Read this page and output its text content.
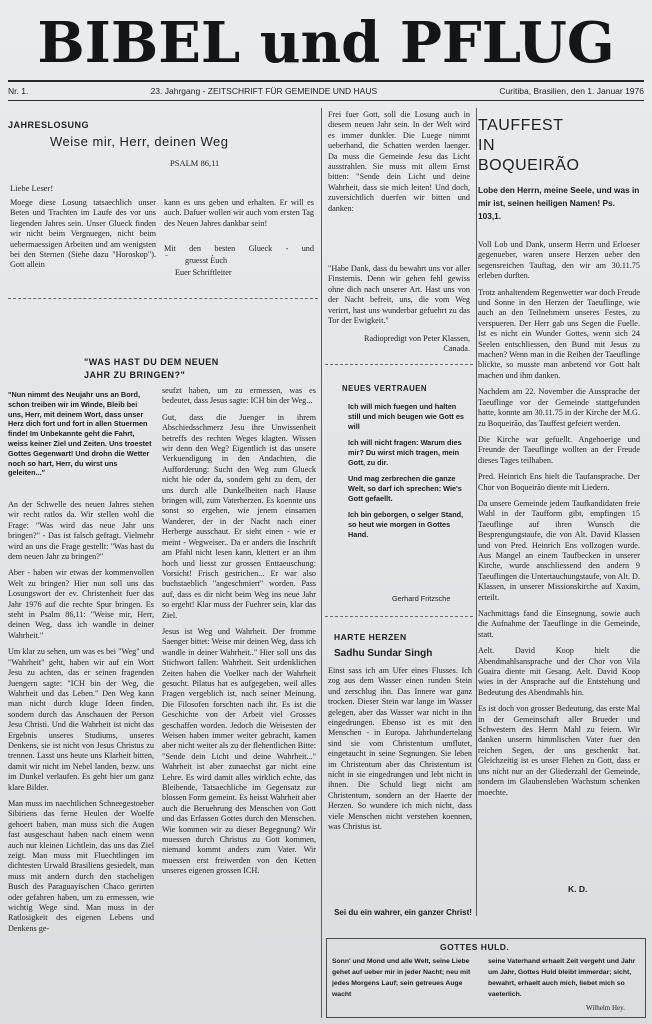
BIBEL und PFLUG
Nr. 1.	23. Jahrgang - ZEITSCHRIFT FÜR GEMEINDE UND HAUS	Curitiba, Brasilien, den 1. Januar 1976
JAHRESLOSUNG
Weise mir, Herr, deinen Weg
PSALM 86,11
Liebe Leser!
Moege diese Losung tatsaechlich unser Beten und Trachten im Laufe des vor uns liegenden Jahres sein. Unser Glueck finden wir nicht beim Vergnuegen, nicht beim uebermaessigen Arbeiten und am wenigsten bei den Sternen (Siehe dazu "Horoskop"). Gott allein
kann es uns geben und erhalten. Er will es auch. Dafuer wollen wir auch vom ersten Tag des Neuen Jahres dankbar sein!
Mit den besten Glueck - und
gruesst Euch
Euer Schriftleiter
Frei fuer Gott, soll die Losung auch in diesem neuen Jahr sein. In der Welt wird es immer dunkler. Die Luege nimmt ueberhand, die Schatten werden laenger. Da muss die Gemeinde Jesu das Licht ausstrahlen. Sie muss mit allem Ernst bitten: "Sende dein Licht und deine Wahrheit, dass sie mich leiten! Und doch, zuversichtlich duerfen wir bitten und danken:
"Habe Dank, dass du bewahrt uns vor aller Finsternis. Denn wir gehen fehl gewiss ohne dich nach unserer Art. Hast uns von der Nacht befreit, uns, die vom Weg verirrt, hast uns wunderbar gefuehrt zu das Tor der Ewigkeit."
Radiopredigt von Peter Klassen, Canada.
TAUFFEST
IN
BOQUEIRÃO
Lobe den Herrn, meine Seele, und was in mir ist, seinen heiligen Namen! Ps. 103,1.

Voll Lob und Dank, unserm Herrn und Erloeser gegenueber, waren unsere Herzen ueber den segensreichen Tauftag, den wir am 30.11.75 erleben durften.

Trotz anhaltendem Regenwetter war doch Freude und Sonne in den Herzen der Taeuflinge, wie auch an den Teilnehmern unseres Festes, zu verspueren. Der Herr gab uns Segen die Fuelle. Ist es nicht ein Wunder Gottes, wenn sich 24 Seelen entschliessen, den Bund mit Jesus zu machen? Wenn man in die Reihen der Taeuflinge blickte, so musste man anbetend vor Gott halt machen und ihm danken.

Nachdem am 22. November die Aussprache der Taeuflinge vor der Gemeinde stattgefunden hatte, konnte am 30.11.75 in der Kirche der M.G. zu Boqueirão, das Tauffest gefeiert werden.

Die Kirche war gefuellt. Angehoerige und Freunde der Taeuflinge wollten an der Freude dieses Tages teilhaben.

Pred. Heinrich Ens hielt die Taufansprache. Der Chor von Boqueirão diente mit Liedern.

Da unsere Gemeinde jedem Taufkandidaten freie Wahl in der Taufform gibt, empfingen 15 Taeuflinge auf ihren Wunsch die Besprengungstaufe, die von Alt. David Klassen und von Pred. Heinrich Ens vollzogen wurde. Aus Mangel an einem Taufbecken in unserer Kirche, wurde anschliessend den andern 9 Taeuflingen die Untertauchungstaufe, von Alt. D. Klassen, in unserer Missionskirche auf Xaxim, erteilt.

Nachmittags fand die Einsegnung, sowie auch die Aufnahme der Taeuflinge in die Gemeinde, statt.

Aelt. David Koop hielt die Abendmahlsansprache und der Chor von Vila Guaira diente mit Gesang. Aelt. David Koop wies in der Ansprache auf die Entstehung und Bedeutung des Abendmahls hin.

Es ist doch von grosser Bedeutung, das erste Mal in der Gemeinschaft aller Brueder und Schwestern des Herrn Mahl zu feiern. Wir danken unserm himmlischen Vater fuer den reichen Segen, der uns geschenkt hat. Gleichzeitig ist es unser Flehen zu Gott, dass er uns nicht nur an der Gliederzahl der Gemeinde, sondern im Glaubensleben Wachstum schenken moechte.

K. D.
"WAS HAST DU DEM NEUEN
JAHR ZU BRINGEN?"
"Nun nimmt des Neujahr uns an Bord, schon treiben wir im Winde, Bleib bei uns, Herr, mit deinem Wort, dass unser Herz dich fort und fort in allen Stuermen finde! Im Unbekannte geht die Fahrt, weiss keiner Ziel und Zeiten. Uns troestet Gottes Gegenwart! Und drohn die Wetter noch so hart, Herr, du wirst uns geleiten..."

An der Schwelle des neuen Jahres stehen wir recht ratlos da. Wir stellen wohl die Frage: "Was wird das neue Jahr uns bringen?" - Das ist falsch gefragt. Vielmehr wird an uns die Frage gestellt: "Was hast du dem neuen Jahr zu bringen?"

Aber - haben wir etwas der kommenvollen Welt zu bringen? Hier nun soll uns das Losungswort der ev. Christenheit fuer das Jahr 1976 auf die rechte Spur bringen. Es steht in Psalm 86,11: "Weise mir, Herr, deinen Weg, dass ich wandle in deiner Wahrheit."

Um klar zu sehen, um was es bei "Weg" und "Wahrheit" geht, haben wir auf ein Wort Jesu zu achten, das er seinen fragenden Juengern sagte: "ICH bin der Weg, die Wahrheit und das Leben." Den Weg kann man nicht durch kluge Ideen finden, sondern durch das Anschauen der Person Jesu Christi. Und die Wahrheit ist nicht das Ergebnis unseres Studiums, unseres Denkens, sie ist nicht von Jesus Christus zu trennen. Lasst uns heute uns Klarheit bitten, damit wir nicht im Nebel landen, bezw. uns im Dunkel verlaufen. Es geht hier um ganz klare Bilder.

Man muss im naechtlichen Schneegestoeber Sibiriens das ferne Heulen der Woelfe gehoert haben, man muss sich die Augen fast ausgeschaut haben nach einem wenn auch nur kleinen Lichtlein, das uns das Ziel zeigt. Man muss mit Fluechtlingen im dichtesten Urwald Brasiliens gesiedelt, man muss mit andern durch den stacheligen Busch des Paraguayischen Chaco gerirten oder gefahren haben, um zu ermessen, wie wichtig Wege sind. Man muss in der Ratlosigkeit des eigenen Lebens und Denkens ge-

seufzt haben, um zu ermessen, was es bedeutet, dass Jesus sagte: ICH bin der Weg...

Gut, dass die Juenger in ihrem Abschiedsschmerz Jesu ihre Unwissenheit betreffs des rechten Weges klagten. Wissen wir denn den Weg? Eigentlich ist das unsere Verkuendigung in den Andachten, die Aufforderung: Sucht den Weg zum Glueck nicht hie oder da, sondern geht zu dem, der uns durch alle Dunkelheiten nach Hause bringen will, zum Vaterherzen. Es koennte uns sonst so ergehen, wie jenem einsamen Wanderer, der in der Nacht nach einer Herberge ausschaut. Er sieht einen - wie er meint - Wegweiser.. Da er anders die Inschrift am Pfahl nicht lesen kann, klettert er an ihm hoch und liesst zur grossen Enttaeuschung: Vorsicht! Frisch gestrichen... Er war also buchstaeblich "angeschmiert" worden. Pass auf, dass es dir nicht beim Weg ins neue Jahr so ergeht! Klar muss der Fuehrer sein, klar das Ziel.

Jesus ist Weg und Wahrheit. Der fromme Saenger bittet: Weise mir deinen Weg, dass ich wandle in deiner Wahrheit.." Hier soll uns das Stichwort fallen: Wahrheit. Seit urdenklichen Zeiten haben die Voelker nach der Wahrheit gesucht. Pilatus hat es aufgegeben, weil alles Fragen vergeblich ist, nach seiner Meinung. Die Filosofen forschten nach ihr. Es ist die Geschichte von der Arbeit viel Grosses geschaffen worden. Jedoch die Weisesten der Weisen haben immer weiter gebracht, kamen aber nicht weiter als zu der flehentlichen Bitte: "Sende dein Licht und deine Wahrheit..." Wahrheit ist aber zunaechst gar nicht eine Lehre. Es wird damit alles wirklich echte, das Bleibende, Tatsaechliche im Gegensatz zur blossen Form gemeint. Es heisst Wahrheit aber auch die Beruehrung des Menschen von Gott und das Erfassen Gottes durch den Menschen. Wie kommen wir zu dieser Begegnung? Wir muessen durch Christus zu Gott kommen, niemand kommt anders zum Vater. Wir muessen erst freiwerden von den Ketten unseres eigenen grossen ICH.

NEUES VERTRAUEN

Ich will mich fuegen und halten still und mich beugen wie Gott es will

Ich will nicht fragen: Warum dies mir? Du wirst mich tragen, mein Gott, zu dir.

Und mag zerbrechen die ganze Welt, so darf ich sprechen: Wie's Gott gefaellt.

Ich bin geborgen, o selger Stand, so heut wie morgen in Gottes Hand.

Gerhard Fritzsche
HARTE HERZEN
Sadhu Sundar Singh
Einst sass ich am Ufer eines Flusses. Ich zog aus dem Wasser einen runden Stein und zerschlug ihn. Das Innere war ganz trocken. Dieser Stein war lange im Wasser gelegen, aber das Wasser war nicht in ihn eingedrungen. Ebenso ist es mit den Menschen - in Europa. Jahrhundertelang sind sie vom Christentum umflutet, eingetaucht in seine Segnungen. Sie leben im Christentum aber das Christentum ist nicht in sie eingedrungen und lebt nicht in ihnen. Die Schuld liegt nicht am Christentum, sondern an der Haerte der Herzen. So wundere ich mich nicht, dass viele Menschen nicht verstehen koennen, was Christus ist.
Sei du ein wahrer, ein ganzer Christ!
GOTTES HULD.
Sonn' und Mond und alle Welt, seine Liebe gehet auf ueber mir in jeder Nacht; neu mit jedes Morgens Lauf; sein getreues Auge wacht
seine Vaterhand erhaelt Zeit vergeht und Jahr um Jahr, Gottes Huld bleibt immerdar; sicht, bewahrt, erhaelt auch mich, liebet mich so vaeterlich.
Wilhelm Hey.
